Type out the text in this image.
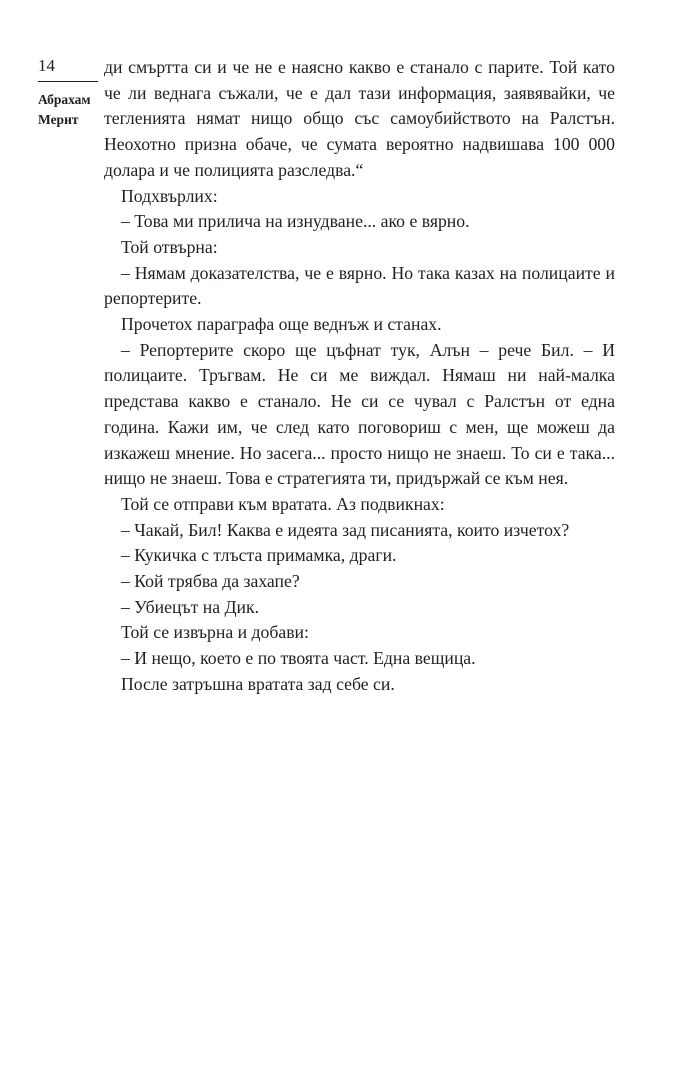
14
Абрахам
Мерит

ди смъртта си и че не е наясно какво е станало с парите. Той като че ли веднага съжали, че е дал тази информация, заявявайки, че тегленията нямат нищо общо със самоубийството на Ралстън. Неохотно призна обаче, че сумата вероятно надвишава 100 000 долара и че полицията разследва.“

Подхвърлих:

– Това ми прилича на изнудване... ако е вярно.

Той отвърна:

– Нямам доказателства, че е вярно. Но така казах на полицаите и репортерите.

Прочетох параграфа още веднъж и станах.

– Репортерите скоро ще цъфнат тук, Алън – рече Бил. – И полицаите. Тръгвам. Не си ме виждал. Нямаш ни най-малка представа какво е станало. Не си се чувал с Ралстън от една година. Кажи им, че след като поговориш с мен, ще можеш да изкажеш мнение. Но засега... просто нищо не знаеш. То си е така... нищо не знаеш. Това е стратегията ти, придържай се към нея.

Той се отправи към вратата. Аз подвикнах:

– Чакай, Бил! Каква е идеята зад писанията, които изчетох?

– Кукичка с тлъста примамка, драги.

– Кой трябва да захапе?

– Убиецът на Дик.

Той се извърна и добави:

– И нещо, което е по твоята част. Една вещица.

После затръшна вратата зад себе си.
